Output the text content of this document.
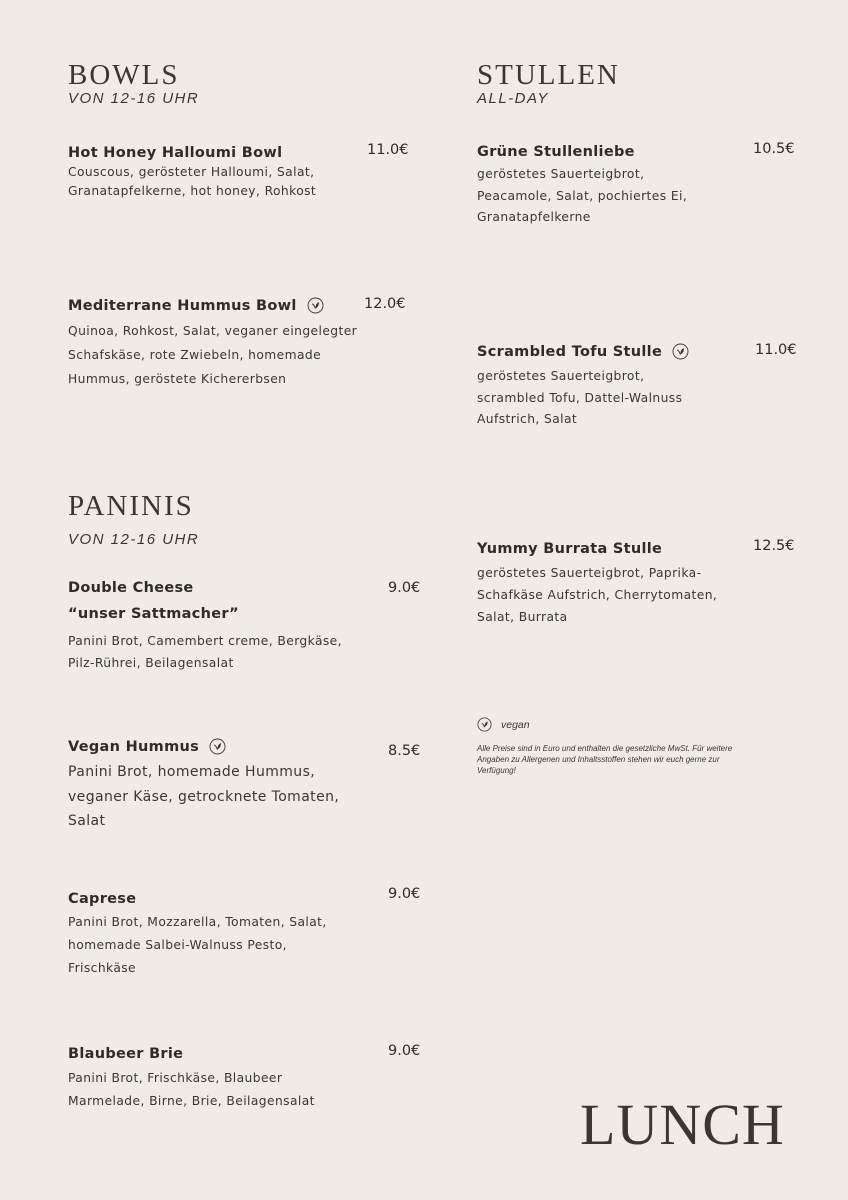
BOWLS
VON 12-16 UHR
Hot Honey Halloumi Bowl	11.0€
Couscous, gerösteter Halloumi, Salat, Granatapfelkerne, hot honey, Rohkost
Mediterrane Hummus Bowl	12.0€
Quinoa, Rohkost, Salat, veganer eingelegter Schafskäse, rote Zwiebeln, homemade Hummus, geröstete Kichererbsen
PANINIS
VON 12-16 UHR
Double Cheese
“unser Sattmacher”
9.0€
Panini Brot, Camembert creme, Bergkäse, Pilz-Rührei, Beilagensalat
Vegan Hummus	8.5€
Panini Brot, homemade Hummus, veganer Käse, getrocknete Tomaten, Salat
Caprese	9.0€
Panini Brot, Mozzarella, Tomaten, Salat, homemade Salbei-Walnuss Pesto, Frischkäse
Blaubeer Brie	9.0€
Panini Brot, Frischkäse, Blaubeer Marmelade, Birne, Brie, Beilagensalat
STULLEN
ALL-DAY
Grüne Stullenliebe	10.5€
geröstetes Sauerteigbrot, Peacamole, Salat, pochiertes Ei, Granatapfelkerne
Scrambled Tofu Stulle	11.0€
geröstetes Sauerteigbrot, scrambled Tofu, Dattel-Walnuss Aufstrich, Salat
Yummy Burrata Stulle	12.5€
geröstetes Sauerteigbrot, Paprika-Schafkäse Aufstrich, Cherrytomaten, Salat, Burrata
vegan
Alle Preise sind in Euro und enthalten die gesetzliche MwSt. Für weitere Angaben zu Allergenen und Inhaltsstoffen stehen wir euch gerne zur Verfügung!
LUNCH
